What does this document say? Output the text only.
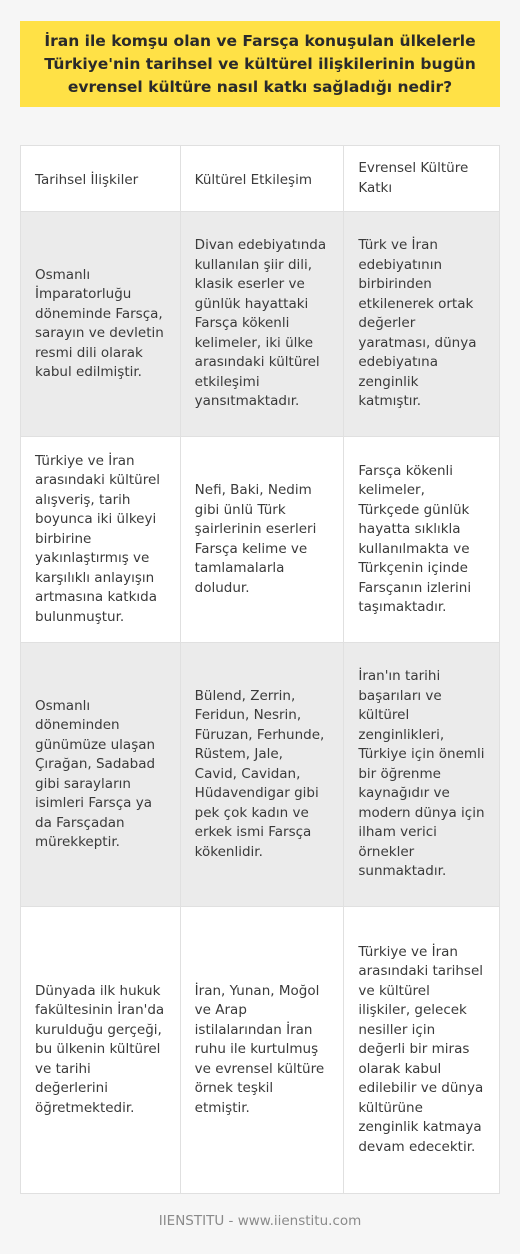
İran ile komşu olan ve Farsça konuşulan ülkelerle Türkiye'nin tarihsel ve kültürel ilişkilerinin bugün evrensel kültüre nasıl katkı sağladığı nedir?
Tarihsel İlişkiler	Kültürel Etkileşim	Evrensel Kültüre Katkı
Osmanlı İmparatorluğu döneminde Farsça, sarayın ve devletin resmi dili olarak kabul edilmiştir.	Divan edebiyatında kullanılan şiir dili, klasik eserler ve günlük hayattaki Farsça kökenli kelimeler, iki ülke arasındaki kültürel etkileşimi yansıtmaktadır.	Türk ve İran edebiyatının birbirinden etkilenerek ortak değerler yaratması, dünya edebiyatına zenginlik katmıştır.
Türkiye ve İran arasındaki kültürel alışveriş, tarih boyunca iki ülkeyi birbirine yakınlaştırmış ve karşılıklı anlayışın artmasına katkıda bulunmuştur.	Nefi, Baki, Nedim gibi ünlü Türk şairlerinin eserleri Farsça kelime ve tamlamalarla doludur.	Farsça kökenli kelimeler, Türkçede günlük hayatta sıklıkla kullanılmakta ve Türkçenin içinde Farsçanın izlerini taşımaktadır.
Osmanlı döneminden günümüze ulaşan Çırağan, Sadabad gibi sarayların isimleri Farsça ya da Farsçadan mürekkeptir.	Bülend, Zerrin, Feridun, Nesrin, Füruzan, Ferhunde, Rüstem, Jale, Cavid, Cavidan, Hüdavendigar gibi pek çok kadın ve erkek ismi Farsça kökenlidir.	İran'ın tarihi başarıları ve kültürel zenginlikleri, Türkiye için önemli bir öğrenme kaynağıdır ve modern dünya için ilham verici örnekler sunmaktadır.
Dünyada ilk hukuk fakültesinin İran'da kurulduğu gerçeği, bu ülkenin kültürel ve tarihi değerlerini öğretmektedir.	İran, Yunan, Moğol ve Arap istilalarından İran ruhu ile kurtulmuş ve evrensel kültüre örnek teşkil etmiştir.	Türkiye ve İran arasındaki tarihsel ve kültürel ilişkiler, gelecek nesiller için değerli bir miras olarak kabul edilebilir ve dünya kültürüne zenginlik katmaya devam edecektir.
IIENSTITU - www.iienstitu.com
